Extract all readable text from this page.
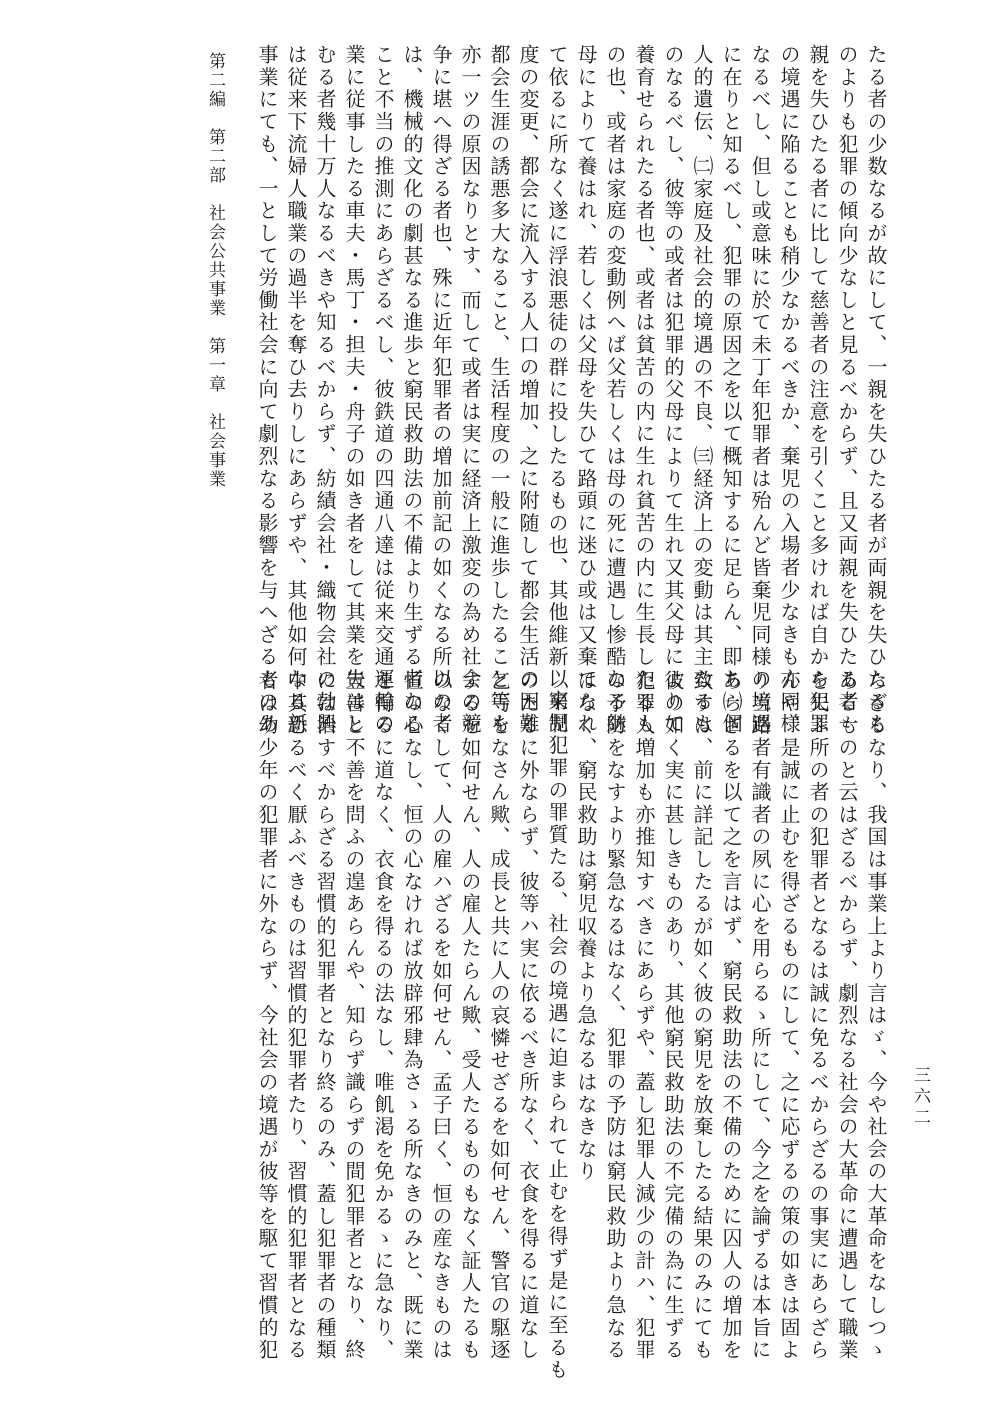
第二編　第二部　社会公共事業　第一章　社会事業
三六二
たる者の少数なるが故にして、一親を失ひたる者が両親を失ひたるも
のよりも犯罪の傾向少なしと見るべからず、且又両親を失ひたる者一
親を失ひたる者に比して慈善者の注意を引くこと多ければ自から犯罪
の境遇に陥ることも稍少なかるべきか、棄児の入場者少なきも亦同様
なるべし、但し或意味に於て未丁年犯罪者は殆んど皆棄児同様の境遇
に在りと知るべし、犯罪の原因之を以て概知するに足らん、即ち㈠個
人的遺伝、㈡家庭及社会的境遇の不良、㈢経済上の変動は其主なるも
のなるべし、彼等の或者は犯罪的父母によりて生れ又其父母によりて
養育せられたる者也、或者は貧苦の内に生れ貧苦の内に生長したるも
の也、或者は家庭の変動例へば父若しくは母の死に遭遇し惨酷なる継
母によりて養はれ、若しくは父母を失ひて路頭に迷ひ或は又棄てられ
て依るに所なく遂に浮浪悪徒の群に投したるもの也、其他維新以来制
度の変更、都会に流入する人口の増加、之に附随して都会生活の困難
都会生涯の誘悪多大なること、生活程度の一般に進歩したること等も
亦一ツの原因なりとす、而して或者は実に経済上激変の為め社会の競
争に堪へ得ざる者也、殊に近年犯罪者の増加前記の如くなる所以の者
は、機械的文化の劇甚なる進歩と窮民救助法の不備より生ずる者なる
こと不当の推測にあらざるべし、彼鉄道の四通八達は従来交通運輸の
業に従事したる車夫・馬丁・担夫・舟子の如き者をして其業を失はし
むる者幾十万人なるべきや知るべからず、紡績会社・織物会社の勃興
は従来下流婦人職業の過半を奪ひ去りしにあらずや、其他如何なる新
事業にても、一として労働社会に向て劇烈なる影響を与へざるものあ
らざるなり、我国は事業上より言はゞ、今や社会の大革命をなしつゝ
あるものと云はざるべからず、劇烈なる社会の大革命に遭遇して職業
を失ふ所の者の犯罪者となるは誠に免るべからざるの事実にあらざら
んや、是誠に止むを得ざるものにして、之に応ずるの策の如きは固よ
り当路者有識者の夙に心を用らるゝ所にして、今之を論ずるは本旨に
あらざるを以て之を言はず、窮民救助法の不備のために囚人の増加を
致すは、前に詳記したるが如く彼の窮児を放棄したる結果のみにても
彼の如く実に甚しきものあり、其他窮民救助法の不完備の為に生ずる
犯罪人増加も亦推知すべきにあらずや、蓋し犯罪人減少の計ハ、犯罪
の予防をなすより緊急なるはなく、犯罪の予防は窮民救助より急なる
はなく、窮民救助は窮児収養より急なるはなきなり
窮児犯罪の罪質たる、社会の境遇に迫まられて止むを得ず是に至るも
のたるに外ならず、彼等ハ実に依るべき所なく、衣食を得るに道なし
乞丐をなさん歟、成長と共に人の哀憐せざるを如何せん、警官の駆逐
するを如何せん、人の雇人たらん歟、受人たるものもなく証人たるも
のなくして、人の雇ハざるを如何せん、孟子曰く、恒の産なきものは
恒の心なし、恒の心なければ放辟邪肆為さゝる所なきのみと、既に業
を得るに道なく、衣食を得るの法なし、唯飢渇を免かるゝに急なり、
豈善と不善を問ふの遑あらんや、知らず識らずの間犯罪者となり、終
には治すべからざる習慣的犯罪者となり終るのみ、蓋し犯罪者の種類
中其恐るべく厭ふべきものは習慣的犯罪者たり、習慣的犯罪者となる
者は幼少年の犯罪者に外ならず、今社会の境遇が彼等を駆て習慣的犯
